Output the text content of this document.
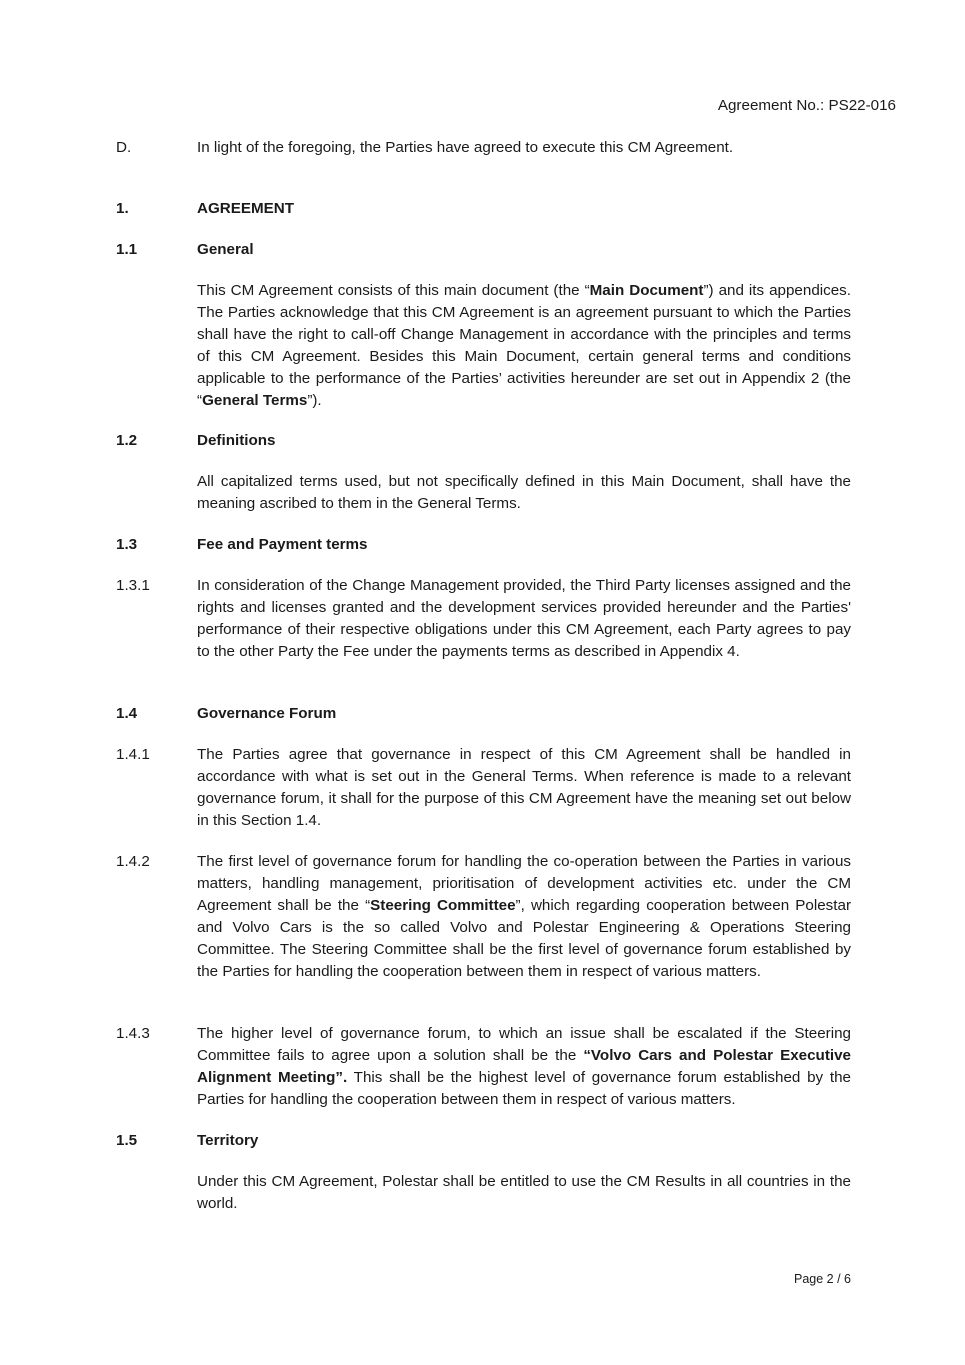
Agreement No.: PS22-016
D.	In light of the foregoing, the Parties have agreed to execute this CM Agreement.
1.	AGREEMENT
1.1	General
This CM Agreement consists of this main document (the “Main Document”) and its appendices. The Parties acknowledge that this CM Agreement is an agreement pursuant to which the Parties shall have the right to call-off Change Management in accordance with the principles and terms of this CM Agreement. Besides this Main Document, certain general terms and conditions applicable to the performance of the Parties’ activities hereunder are set out in Appendix 2 (the “General Terms”).
1.2	Definitions
All capitalized terms used, but not specifically defined in this Main Document, shall have the meaning ascribed to them in the General Terms.
1.3	Fee and Payment terms
1.3.1	In consideration of the Change Management provided, the Third Party licenses assigned and the rights and licenses granted and the development services provided hereunder and the Parties' performance of their respective obligations under this CM Agreement, each Party agrees to pay to the other Party the Fee under the payments terms as described in Appendix 4.
1.4	Governance Forum
1.4.1	The Parties agree that governance in respect of this CM Agreement shall be handled in accordance with what is set out in the General Terms. When reference is made to a relevant governance forum, it shall for the purpose of this CM Agreement have the meaning set out below in this Section 1.4.
1.4.2	The first level of governance forum for handling the co-operation between the Parties in various matters, handling management, prioritisation of development activities etc. under the CM Agreement shall be the “Steering Committee”, which regarding cooperation between Polestar and Volvo Cars is the so called Volvo and Polestar Engineering & Operations Steering Committee. The Steering Committee shall be the first level of governance forum established by the Parties for handling the cooperation between them in respect of various matters.
1.4.3	The higher level of governance forum, to which an issue shall be escalated if the Steering Committee fails to agree upon a solution shall be the “Volvo Cars and Polestar Executive Alignment Meeting”. This shall be the highest level of governance forum established by the Parties for handling the cooperation between them in respect of various matters.
1.5	Territory
Under this CM Agreement, Polestar shall be entitled to use the CM Results in all countries in the world.
Page 2 / 6
